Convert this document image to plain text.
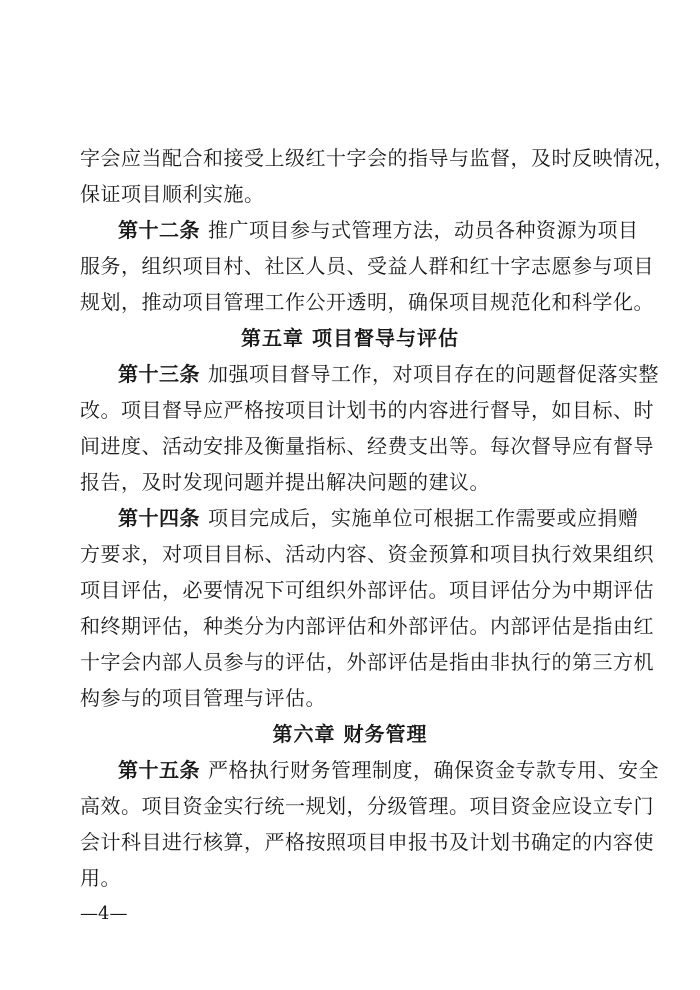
字会应当配合和接受上级红十字会的指导与监督，及时反映情况，
保证项目顺利实施。
第十二条 推广项目参与式管理方法，动员各种资源为项目
服务，组织项目村、社区人员、受益人群和红十字志愿参与项目
规划，推动项目管理工作公开透明，确保项目规范化和科学化。
第五章 项目督导与评估
第十三条 加强项目督导工作，对项目存在的问题督促落实整
改。项目督导应严格按项目计划书的内容进行督导，如目标、时
间进度、活动安排及衡量指标、经费支出等。每次督导应有督导
报告，及时发现问题并提出解决问题的建议。
第十四条 项目完成后，实施单位可根据工作需要或应捐赠
方要求，对项目目标、活动内容、资金预算和项目执行效果组织
项目评估，必要情况下可组织外部评估。项目评估分为中期评估
和终期评估，种类分为内部评估和外部评估。内部评估是指由红
十字会内部人员参与的评估，外部评估是指由非执行的第三方机
构参与的项目管理与评估。
第六章 财务管理
第十五条 严格执行财务管理制度，确保资金专款专用、安全
高效。项目资金实行统一规划，分级管理。项目资金应设立专门
会计科目进行核算，严格按照项目申报书及计划书确定的内容使
用。
—4—
